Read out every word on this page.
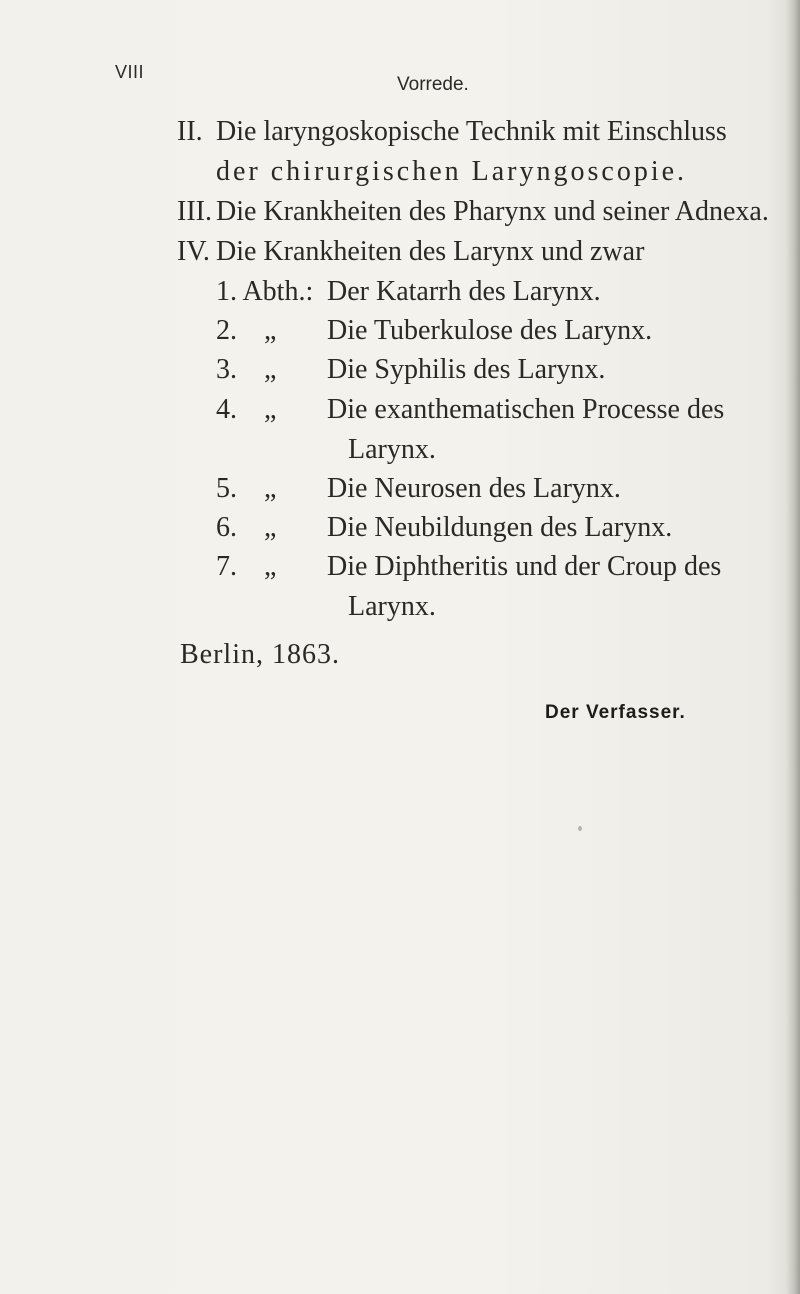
VIII
Vorrede.
II. Die laryngoskopische Technik mit Einschluss
der chirurgischen Laryngoscopie.
III. Die Krankheiten des Pharynx und seiner Adnexa.
IV. Die Krankheiten des Larynx und zwar
1. Abth.: Der Katarrh des Larynx.
2. „ Die Tuberkulose des Larynx.
3. „ Die Syphilis des Larynx.
4. „ Die exanthematischen Processe des
Larynx.
5. „ Die Neurosen des Larynx.
6. „ Die Neubildungen des Larynx.
7. „ Die Diphtheritis und der Croup des
Larynx.
Berlin, 1863.
Der Verfasser.
